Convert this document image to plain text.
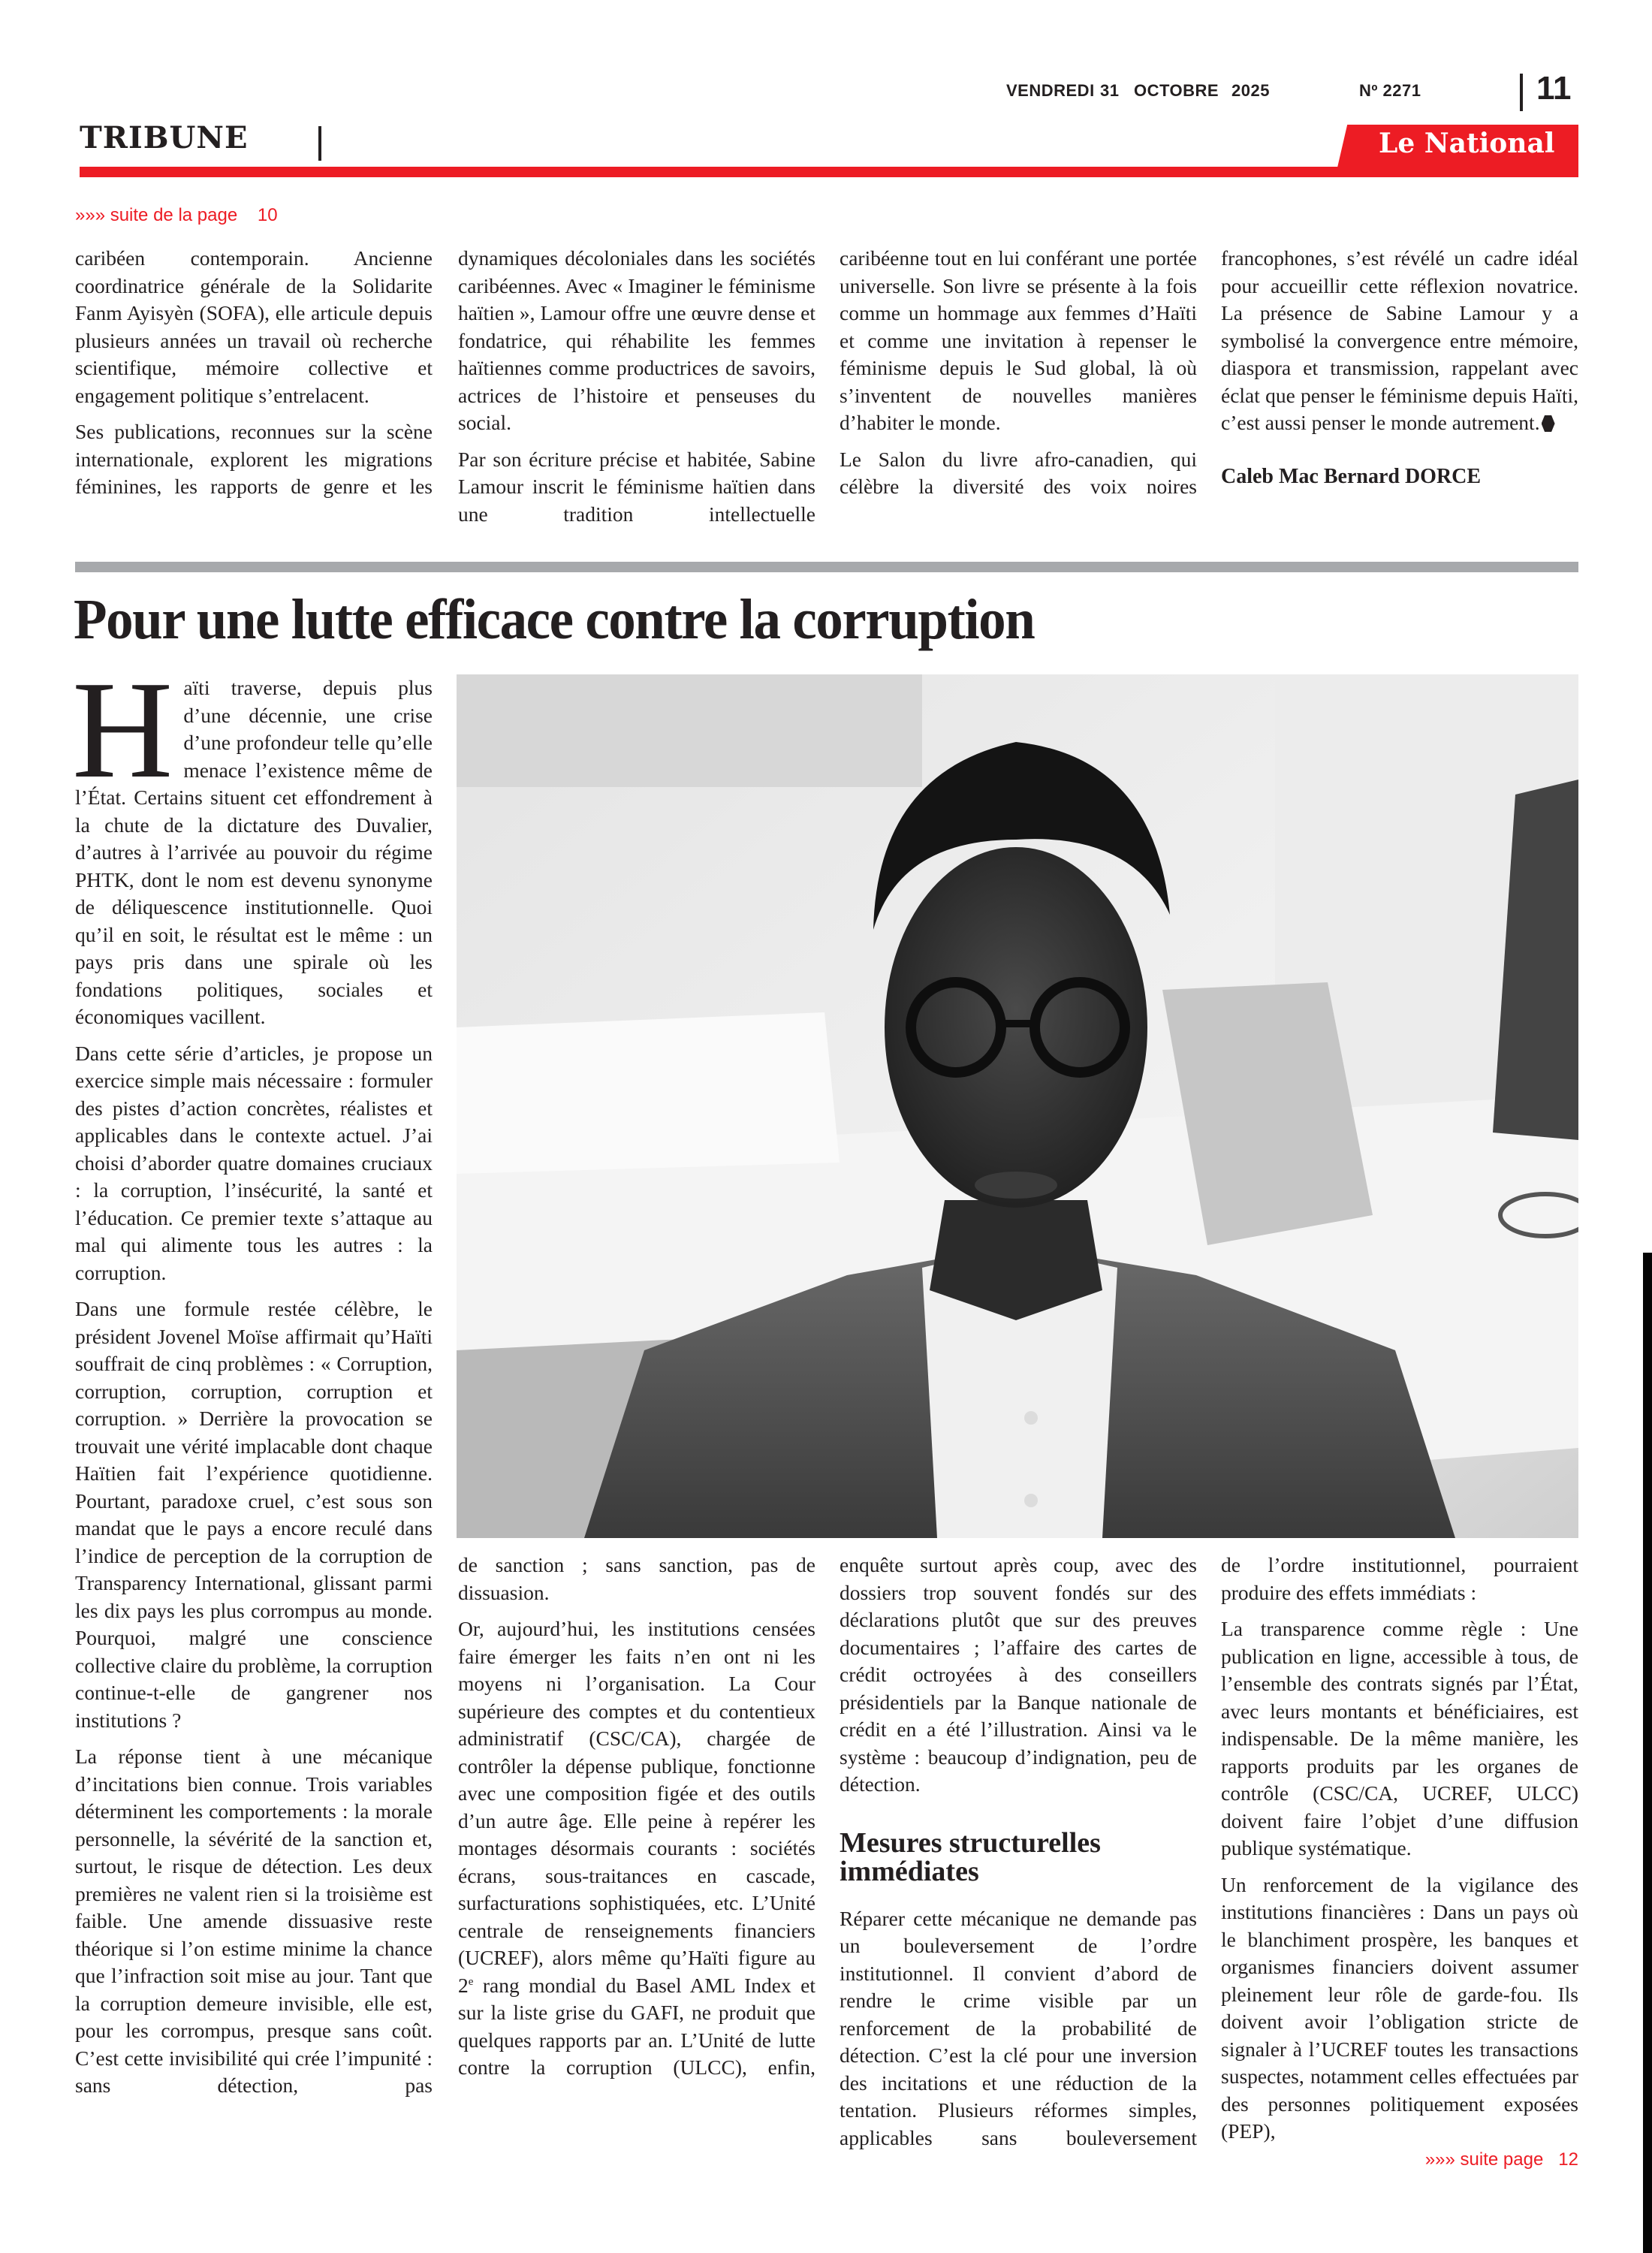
VENDREDI 31 OCTOBRE 2025	Nº 2271	11
TRIBUNE	Le National
»»» suite de la page    10

caribéen contemporain. Ancienne coordinatrice générale de la Solidarite Fanm Ayisyèn (SOFA), elle articule depuis plusieurs années un travail où recherche scientifique, mémoire collective et engagement politique s’entrelacent.

Ses publications, reconnues sur la scène internationale, explorent les migrations féminines, les rapports de genre et les

dynamiques décoloniales dans les sociétés caribéennes. Avec « Imaginer le féminisme haïtien », Lamour offre une œuvre dense et fondatrice, qui réhabilite les femmes haïtiennes comme productrices de savoirs, actrices de l’histoire et penseuses du social.

Par son écriture précise et habitée, Sabine Lamour inscrit le féminisme haïtien dans une tradition intellectuelle

caribéenne tout en lui conférant une portée universelle. Son livre se présente à la fois comme un hommage aux femmes d’Haïti et comme une invitation à repenser le féminisme depuis le Sud global, là où s’inventent de nouvelles manières d’habiter le monde.

Le Salon du livre afro-canadien, qui célèbre la diversité des voix noires

francophones, s’est révélé un cadre idéal pour accueillir cette réflexion novatrice. La présence de Sabine Lamour y a symbolisé la convergence entre mémoire, diaspora et transmission, rappelant avec éclat que penser le féminisme depuis Haïti, c’est aussi penser le monde autrement.

Caleb Mac Bernard DORCE
Pour une lutte efficace contre la corruption

Haïti traverse, depuis plus d’une décennie, une crise d’une profondeur telle qu’elle menace l’existence même de l’État. Certains situent cet effondrement à la chute de la dictature des Duvalier, d’autres à l’arrivée au pouvoir du régime PHTK, dont le nom est devenu synonyme de déliquescence institutionnelle. Quoi qu’il en soit, le résultat est le même : un pays pris dans une spirale où les fondations politiques, sociales et économiques vacillent.

Dans cette série d’articles, je propose un exercice simple mais nécessaire : formuler des pistes d’action concrètes, réalistes et applicables dans le contexte actuel. J’ai choisi d’aborder quatre domaines cruciaux : la corruption, l’insécurité, la santé et l’éducation. Ce premier texte s’attaque au mal qui alimente tous les autres : la corruption.

Dans une formule restée célèbre, le président Jovenel Moïse affirmait qu’Haïti souffrait de cinq problèmes : « Corruption, corruption, corruption, corruption et corruption. » Derrière la provocation se trouvait une vérité implacable dont chaque Haïtien fait l’expérience quotidienne. Pourtant, paradoxe cruel, c’est sous son mandat que le pays a encore reculé dans l’indice de perception de la corruption de Transparency International, glissant parmi les dix pays les plus corrompus au monde. Pourquoi, malgré une conscience collective claire du problème, la corruption continue-t-elle de gangrener nos institutions ?

La réponse tient à une mécanique d’incitations bien connue. Trois variables déterminent les comportements : la morale personnelle, la sévérité de la sanction et, surtout, le risque de détection. Les deux premières ne valent rien si la troisième est faible. Une amende dissuasive reste théorique si l’on estime minime la chance que l’infraction soit mise au jour. Tant que la corruption demeure invisible, elle est, pour les corrompus, presque sans coût. C’est cette invisibilité qui crée l’impunité : sans détection, pas

de sanction ; sans sanction, pas de dissuasion.

Or, aujourd’hui, les institutions censées faire émerger les faits n’en ont ni les moyens ni l’organisation. La Cour supérieure des comptes et du contentieux administratif (CSC/CA), chargée de contrôler la dépense publique, fonctionne avec une composition figée et des outils d’un autre âge. Elle peine à repérer les montages désormais courants : sociétés écrans, sous-traitances en cascade, surfacturations sophistiquées, etc. L’Unité centrale de renseignements financiers (UCREF), alors même qu’Haïti figure au 2e rang mondial du Basel AML Index et sur la liste grise du GAFI, ne produit que quelques rapports par an. L’Unité de lutte contre la corruption (ULCC), enfin,

enquête surtout après coup, avec des dossiers trop souvent fondés sur des déclarations plutôt que sur des preuves documentaires ; l’affaire des cartes de crédit octroyées à des conseillers présidentiels par la Banque nationale de crédit en a été l’illustration. Ainsi va le système : beaucoup d’indignation, peu de détection.

Mesures structurelles immédiates

Réparer cette mécanique ne demande pas un bouleversement de l’ordre institutionnel. Il convient d’abord de rendre le crime visible par un renforcement de la probabilité de détection. C’est la clé pour une inversion des incitations et une réduction de la tentation. Plusieurs réformes simples, applicables sans bouleversement

de l’ordre institutionnel, pourraient produire des effets immédiats :

La transparence comme règle : Une publication en ligne, accessible à tous, de l’ensemble des contrats signés par l’État, avec leurs montants et bénéficiaires, est indispensable. De la même manière, les rapports produits par les organes de contrôle (CSC/CA, UCREF, ULCC) doivent faire l’objet d’une diffusion publique systématique.

Un renforcement de la vigilance des institutions financières : Dans un pays où le blanchiment prospère, les banques et organismes financiers doivent assumer pleinement leur rôle de garde-fou. Ils doivent avoir l’obligation stricte de signaler à l’UCREF toutes les transactions suspectes, notamment celles effectuées par des personnes politiquement exposées (PEP),

»»» suite page   12
